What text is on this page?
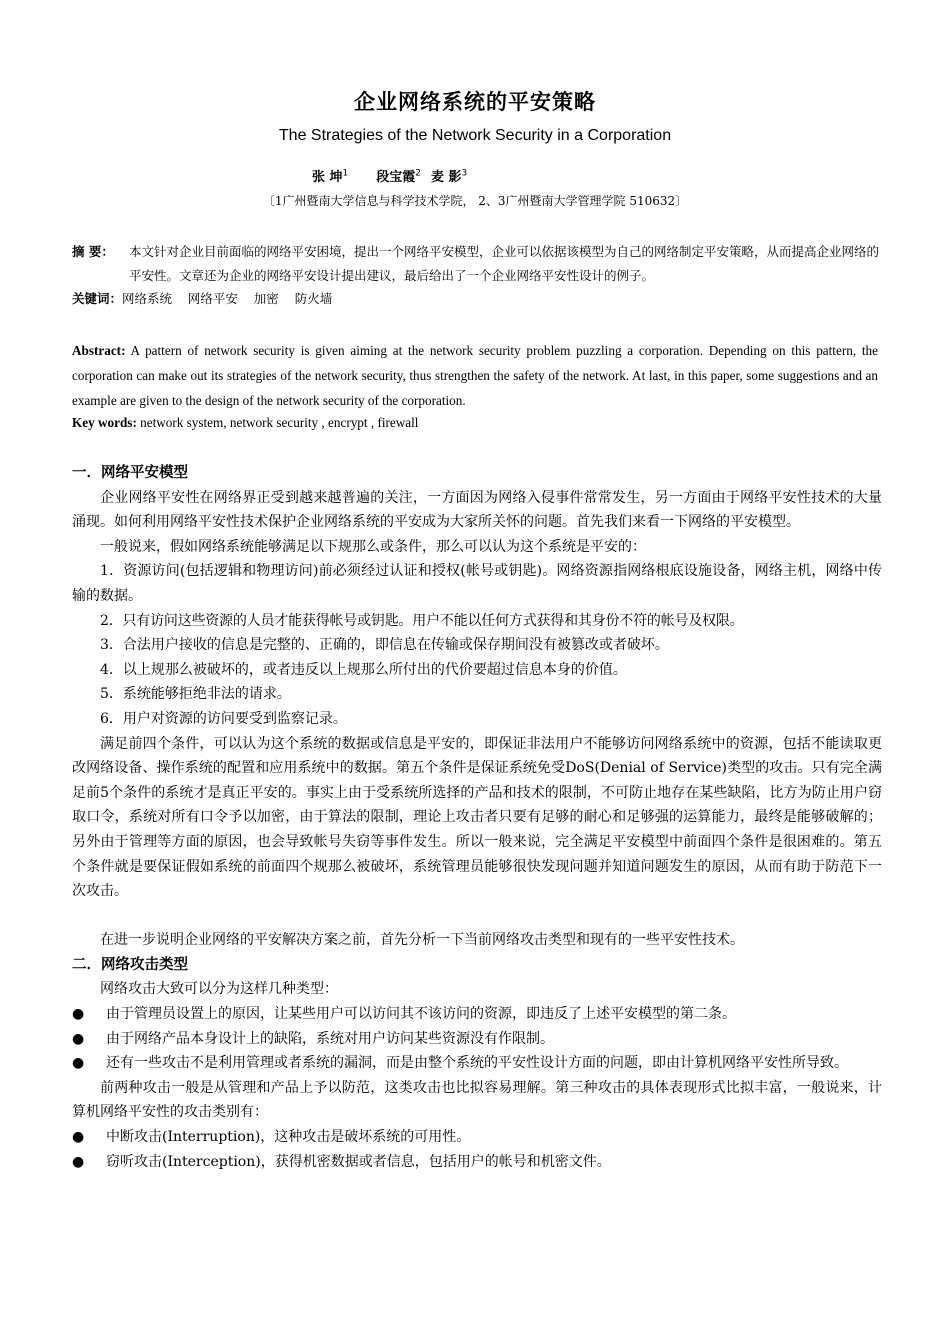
企业网络系统的平安策略
The Strategies of the Network Security in a Corporation
张 坤$^1$ 段宝霞$^2$ 麦 影$^3$
〔1广州暨南大学信息与科学技术学院， 2、3广州暨南大学管理学院 510632〕
摘 要： 本文针对企业目前面临的网络平安困境，提出一个网络平安模型，企业可以依据该模型为自己的网络制定平安策略，从而提高企业网络的平安性。文章还为企业的网络平安设计提出建议，最后给出了一个企业网络平安性设计的例子。
关键词：网络系统    网络平安    加密    防火墙
Abstract: A pattern of network security is given aiming at the network security problem puzzling a corporation. Depending on this pattern, the corporation can make out its strategies of the network security, thus strengthen the safety of the network. At last, in this paper, some suggestions and an example are given to the design of the network security of the corporation.
Key words: network system, network security , encrypt , firewall

一．网络平安模型

企业网络平安性在网络界正受到越来越普遍的关注，一方面因为网络入侵事件常常发生，另一方面由于网络平安性技术的大量涌现。如何利用网络平安性技术保护企业网络系统的平安成为大家所关怀的问题。首先我们来看一下网络的平安模型。

一般说来，假如网络系统能够满足以下规那么或条件，那么可以认为这个系统是平安的：

1．资源访问(包括逻辑和物理访问)前必须经过认证和授权(帐号或钥匙)。网络资源指网络根底设施设备，网络主机，网络中传输的数据。

2．只有访问这些资源的人员才能获得帐号或钥匙。用户不能以任何方式获得和其身份不符的帐号及权限。

3．合法用户接收的信息是完整的、正确的，即信息在传输或保存期间没有被篡改或者破坏。

4．以上规那么被破坏的，或者违反以上规那么所付出的代价要超过信息本身的价值。

5．系统能够拒绝非法的请求。

6．用户对资源的访问要受到监察记录。

满足前四个条件，可以认为这个系统的数据或信息是平安的，即保证非法用户不能够访问网络系统中的资源，包括不能读取更改网络设备、操作系统的配置和应用系统中的数据。第五个条件是保证系统免受DoS(Denial of Service)类型的攻击。只有完全满足前5个条件的系统才是真正平安的。事实上由于受系统所选择的产品和技术的限制，不可防止地存在某些缺陷，比方为防止用户窃取口令，系统对所有口令予以加密，由于算法的限制，理论上攻击者只要有足够的耐心和足够强的运算能力，最终是能够破解的；另外由于管理等方面的原因，也会导致帐号失窃等事件发生。所以一般来说，完全满足平安模型中前面四个条件是很困难的。第五个条件就是要保证假如系统的前面四个规那么被破坏，系统管理员能够很快发现问题并知道问题发生的原因，从而有助于防范下一次攻击。

在进一步说明企业网络的平安解决方案之前，首先分析一下当前网络攻击类型和现有的一些平安性技术。

二．网络攻击类型

网络攻击大致可以分为这样几种类型：

● 由于管理员设置上的原因，让某些用户可以访问其不该访问的资源，即违反了上述平安模型的第二条。
● 由于网络产品本身设计上的缺陷，系统对用户访问某些资源没有作限制。
● 还有一些攻击不是利用管理或者系统的漏洞，而是由整个系统的平安性设计方面的问题，即由计算机网络平安性所导致。

前两种攻击一般是从管理和产品上予以防范，这类攻击也比拟容易理解。第三种攻击的具体表现形式比拟丰富，一般说来，计算机网络平安性的攻击类别有：

● 中断攻击(Interruption)，这种攻击是破坏系统的可用性。
● 窃听攻击(Interception)，获得机密数据或者信息，包括用户的帐号和机密文件。
